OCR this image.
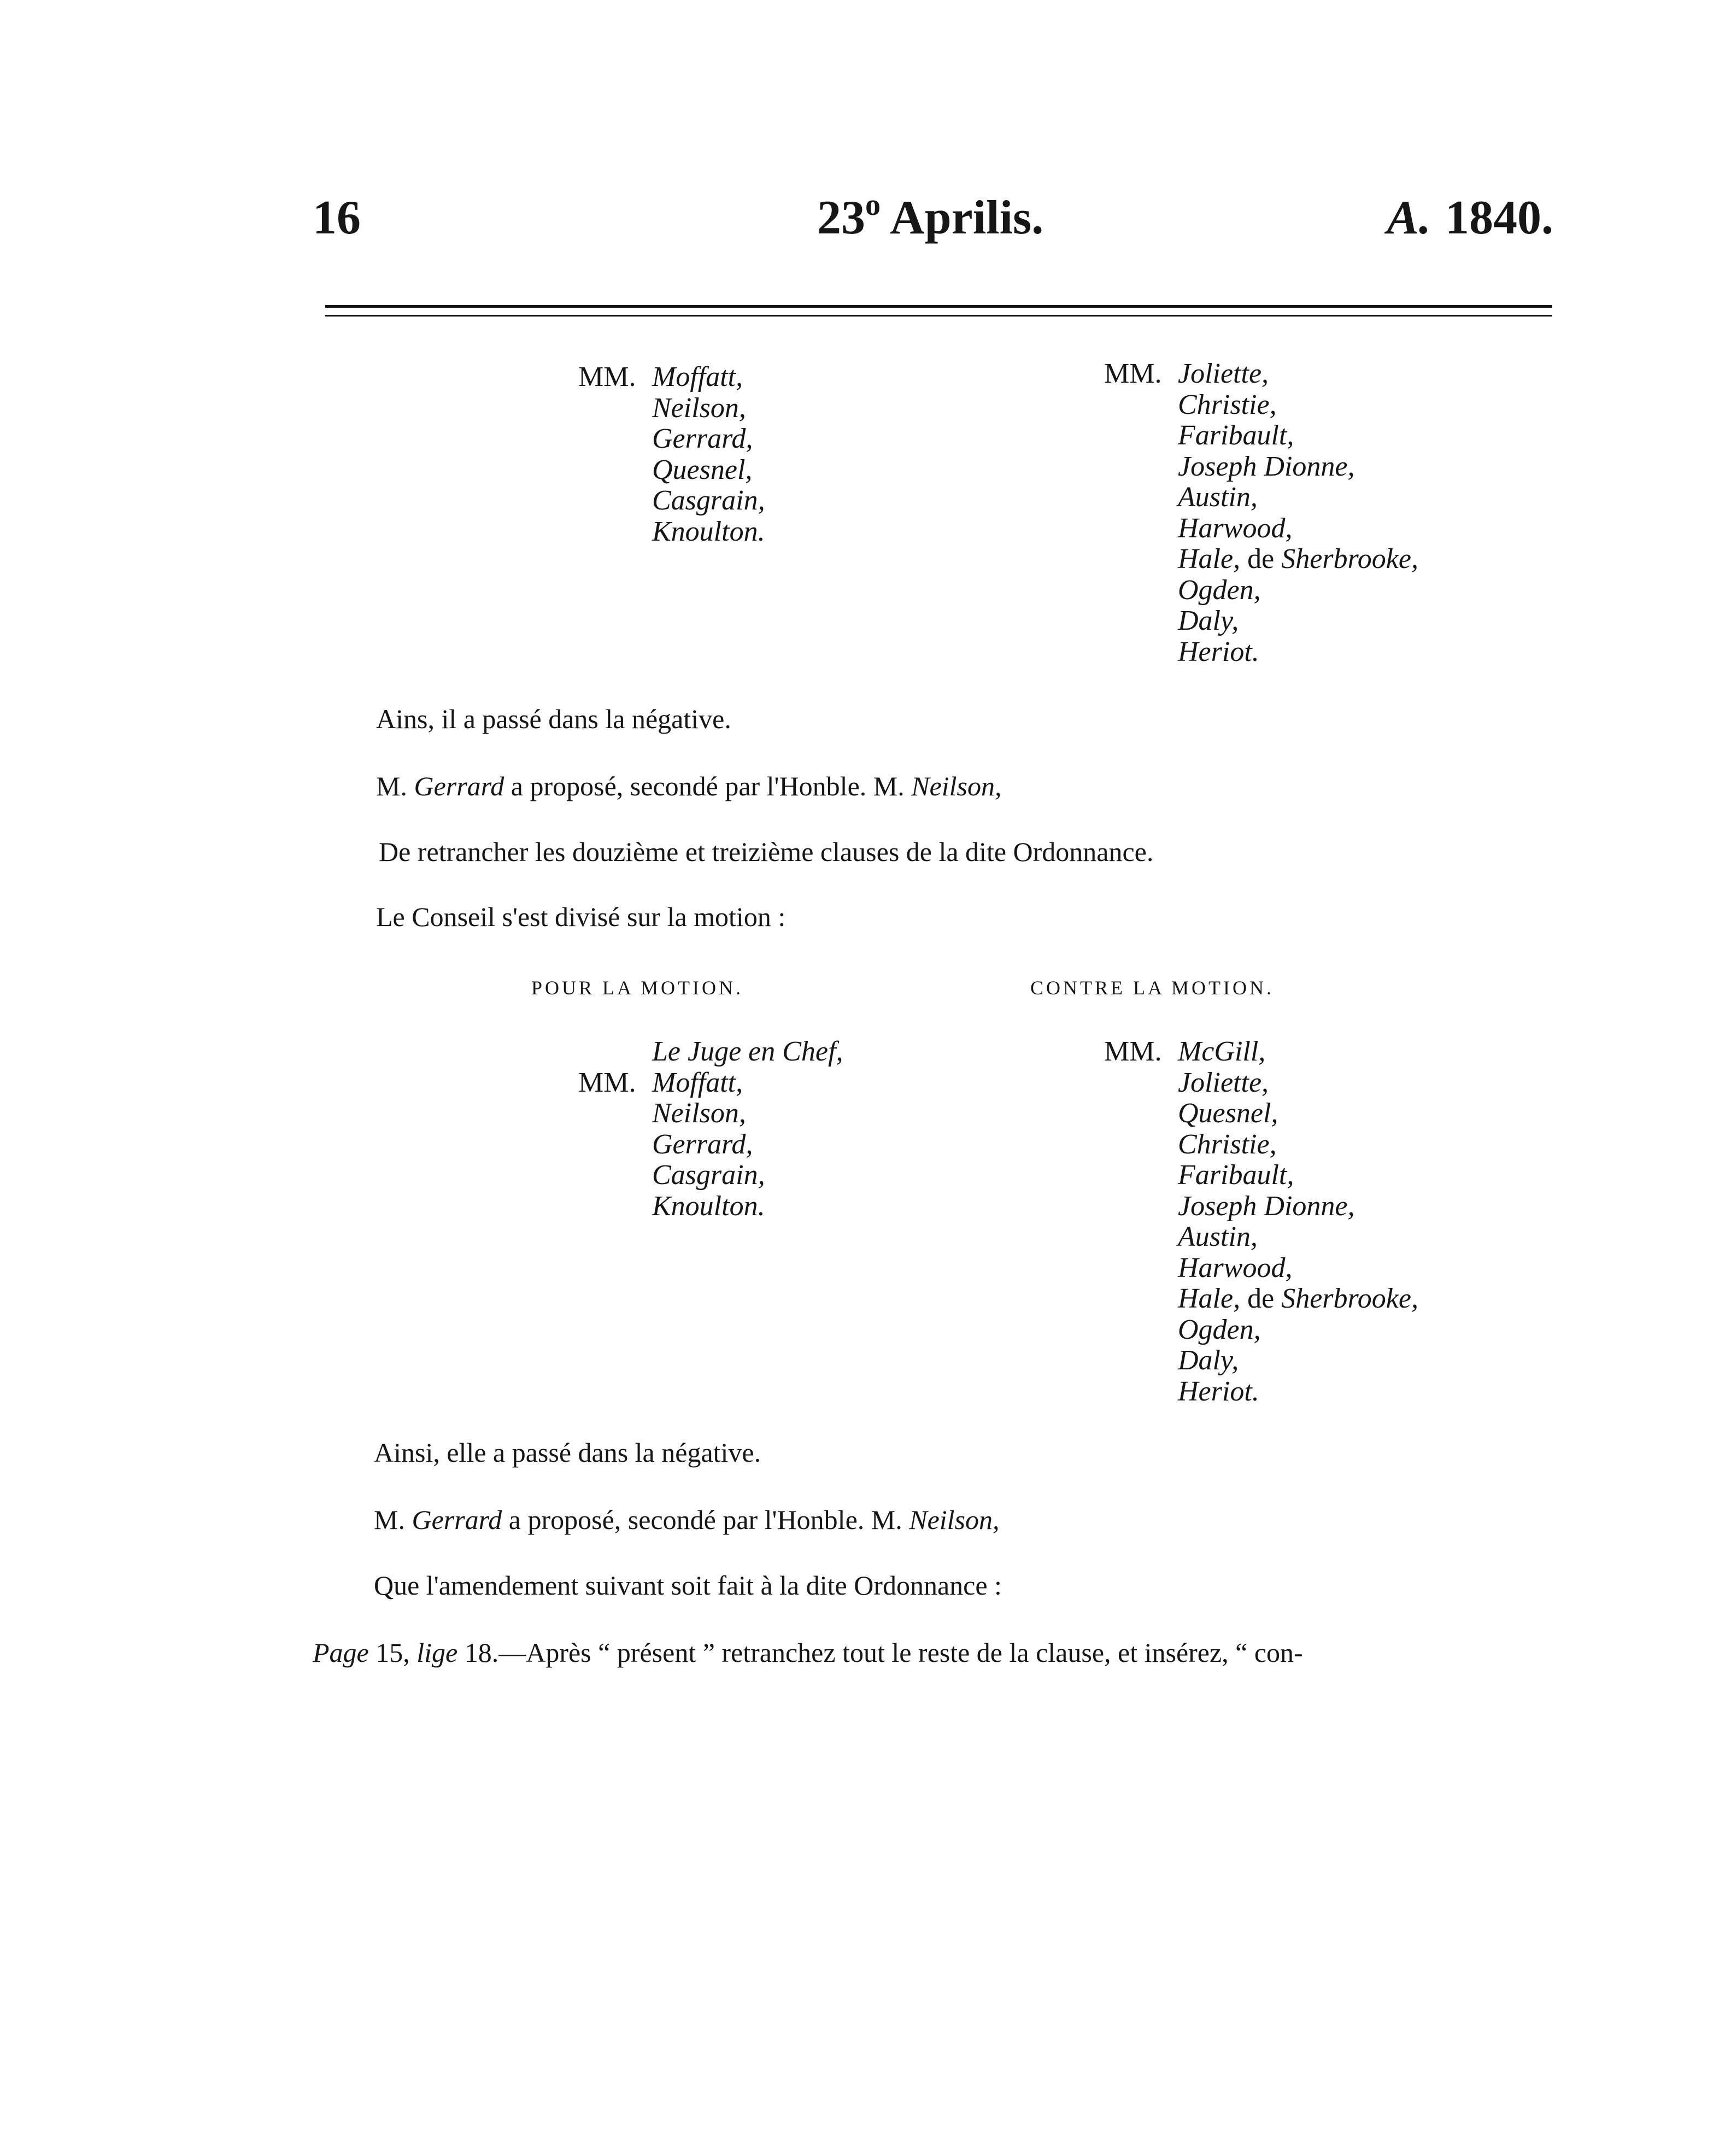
16	23$^o$ Aprilis.	A. 1840.
MM. Moffatt,
Neilson,
Gerrard,
Quesnel,
Casgrain,
Knoulton.
MM. Joliette,
Christie,
Faribault,
Joseph Dionne,
Austin,
Harwood,
Hale, de Sherbrooke,
Ogden,
Daly,
Heriot.
Ains, il a passé dans la négative.
M. Gerrard a proposé, secondé par l'Honble. M. Neilson,
De retrancher les douzième et treizième clauses de la dite Ordonnance.
Le Conseil s'est divisé sur la motion :
POUR LA MOTION.	CONTRE LA MOTION.
Le Juge en Chef,
MM. Moffatt,
Neilson,
Gerrard,
Casgrain,
Knoulton.
MM. McGill,
Joliette,
Quesnel,
Christie,
Faribault,
Joseph Dionne,
Austin,
Harwood,
Hale, de Sherbrooke,
Ogden,
Daly,
Heriot.
Ainsi, elle a passé dans la négative.
M. Gerrard a proposé, secondé par l'Honble. M. Neilson,
Que l'amendement suivant soit fait à la dite Ordonnance :
Page 15, lige 18.—Après “ présent ” retranchez tout le reste de la clause, et insérez, “ con-
